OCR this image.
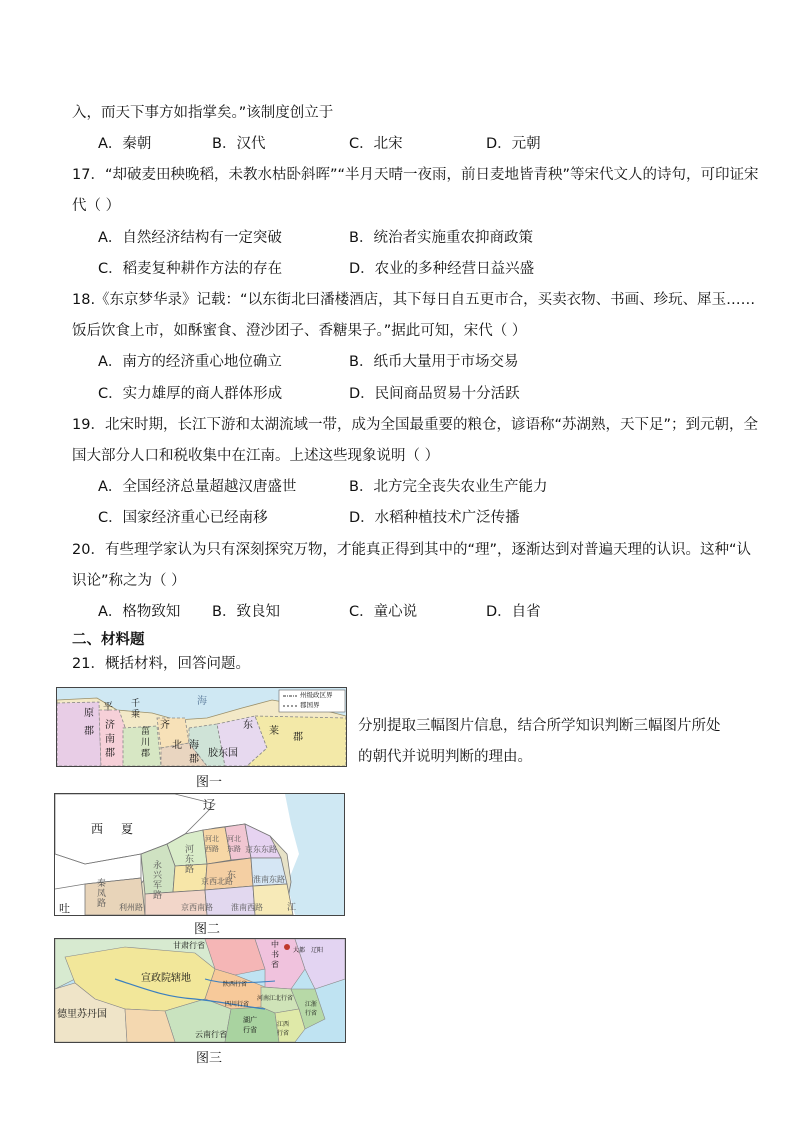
入，而天下事方如指掌矣。”该制度创立于
A．秦朝	B．汉代	C．北宋	D．元朝
17．“却破麦田秧晚稻，未教水枯卧斜晖”“半月天晴一夜雨，前日麦地皆青秧”等宋代文人的诗句，可印证宋
代（ ）
A．自然经济结构有一定突破	B．统治者实施重农抑商政策
C．稻麦复种耕作方法的存在	D．农业的多种经营日益兴盛
18.《东京梦华录》记载：“以东街北曰潘楼酒店，其下每日自五更市合，买卖衣物、书画、珍玩、犀玉……
饭后饮食上市，如酥蜜食、澄沙团子、香糖果子。”据此可知，宋代（ ）
A．南方的经济重心地位确立	B．纸币大量用于市场交易
C．实力雄厚的商人群体形成	D．民间商品贸易十分活跃
19．北宋时期，长江下游和太湖流域一带，成为全国最重要的粮仓，谚语称“苏湖熟，天下足”；到元朝，全
国大部分人口和税收集中在江南。上述这些现象说明（ ）
A．全国经济总量超越汉唐盛世	B．北方完全丧失农业生产能力
C．国家经济重心已经南移	D．水稻种植技术广泛传播
20．有些理学家认为只有深刻探究万物，才能真正得到其中的“理”，逐渐达到对普遍天理的认识。这种“认
识论”称之为（ ）
A．格物致知 B．致良知	C．童心说	D．自省
二、材料题
21．概括材料，回答问题。
分别提取三幅图片信息，结合所学知识判断三幅图片所处
的朝代并说明判断的理由。
州级政区界
郡国界
海
平 千
乘
原
郡
齐
济
南
郡
北 海
郡
胶东国
东
莱
郡
菑
川
郡
图一
辽
西 夏
河
东
路
河北西路
河北东路 京东东路
永
兴
军
路
秦
凤
路
京西北路	淮南东路
京西南路 淮南西路
利州路	江
吐
东
图二
甘肃行省	中
书
省
宣政院辖地
德里苏丹国
陕西行省
河南江北行省
四川行省	江浙行省
江西行省
湖广行省
云南行省
辽阳
大都
图三
